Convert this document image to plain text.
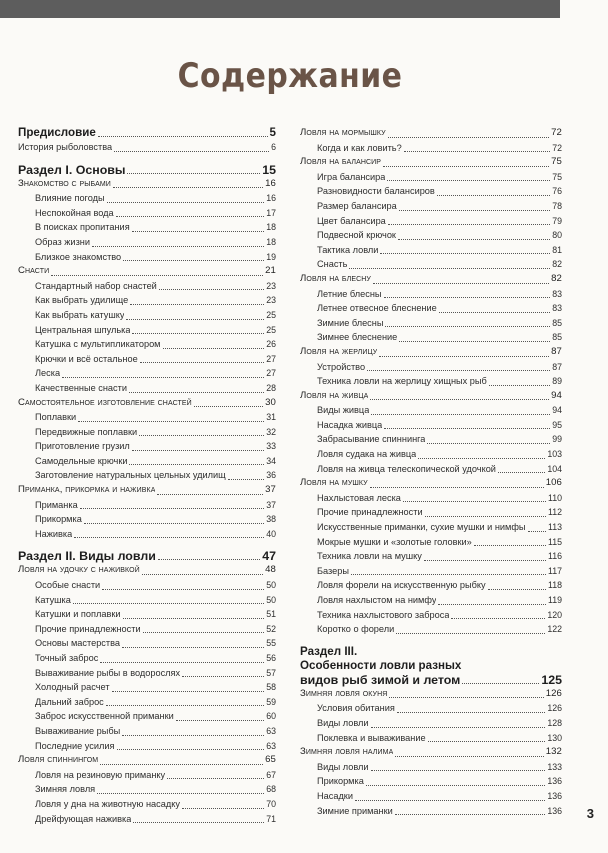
Содержание
Предисловие	5
История рыболовства	6
Раздел I. Основы	15
Знакомство с рыбами	16
Влияние погоды	16
Неспокойная вода	17
В поисках пропитания	18
Образ жизни	18
Близкое знакомство	19
Снасти	21
Стандартный набор снастей	23
Как выбрать удилище	23
Как выбрать катушку	25
Центральная шпулька	25
Катушка с мультипликатором	26
Крючки и всё остальное	27
Леска	27
Качественные снасти	28
Самостоятельное изготовление снастей	30
Поплавки	31
Передвижные поплавки	32
Приготовление грузил	33
Самодельные крючки	34
Заготовление натуральных цельных удилищ	36
Приманка, прикормка и наживка	37
Приманка	37
Прикормка	38
Наживка	40
Раздел II. Виды ловли	47
Ловля на удочку с наживкой	48
Особые снасти	50
Катушка	50
Катушки и поплавки	51
Прочие принадлежности	52
Основы мастерства	55
Точный заброс	56
Вываживание рыбы в водорослях	57
Холодный расчет	58
Дальний заброс	59
Заброс искусственной приманки	60
Вываживание рыбы	63
Последние усилия	63
Ловля спиннингом	65
Ловля на резиновую приманку	67
Зимняя ловля	68
Ловля у дна на животную насадку	70
Дрейфующая наживка	71
Ловля на мормышку	72
Когда и как ловить?	72
Ловля на балансир	75
Игра балансира	75
Разновидности балансиров	76
Размер балансира	78
Цвет балансира	79
Подвесной крючок	80
Тактика ловли	81
Снасть	82
Ловля на блесну	82
Летние блесны	83
Летнее отвесное блеснение	83
Зимние блесны	85
Зимнее блеснение	85
Ловля на жерлицу	87
Устройство	87
Техника ловли на жерлицу хищных рыб	89
Ловля на живца	94
Виды живца	94
Насадка живца	95
Забрасывание спиннинга	99
Ловля судака на живца	103
Ловля на живца телескопической удочкой	104
Ловля на мушку	106
Нахлыстовая леска	110
Прочие принадлежности	112
Искусственные приманки, сухие мушки и нимфы	113
Мокрые мушки и «золотые головки»	115
Техника ловли на мушку	116
Базеры	117
Ловля форели на искусственную рыбку	118
Ловля нахлыстом на нимфу	119
Техника нахлыстового заброса	120
Коротко о форели	122
Раздел III.
Особенности ловли разных
видов рыб зимой и летом	125
Зимняя ловля окуня	126
Условия обитания	126
Виды ловли	128
Поклевка и вываживание	130
Зимняя ловля налима	132
Виды ловли	133
Прикормка	136
Насадки	136
Зимние приманки	136 3
